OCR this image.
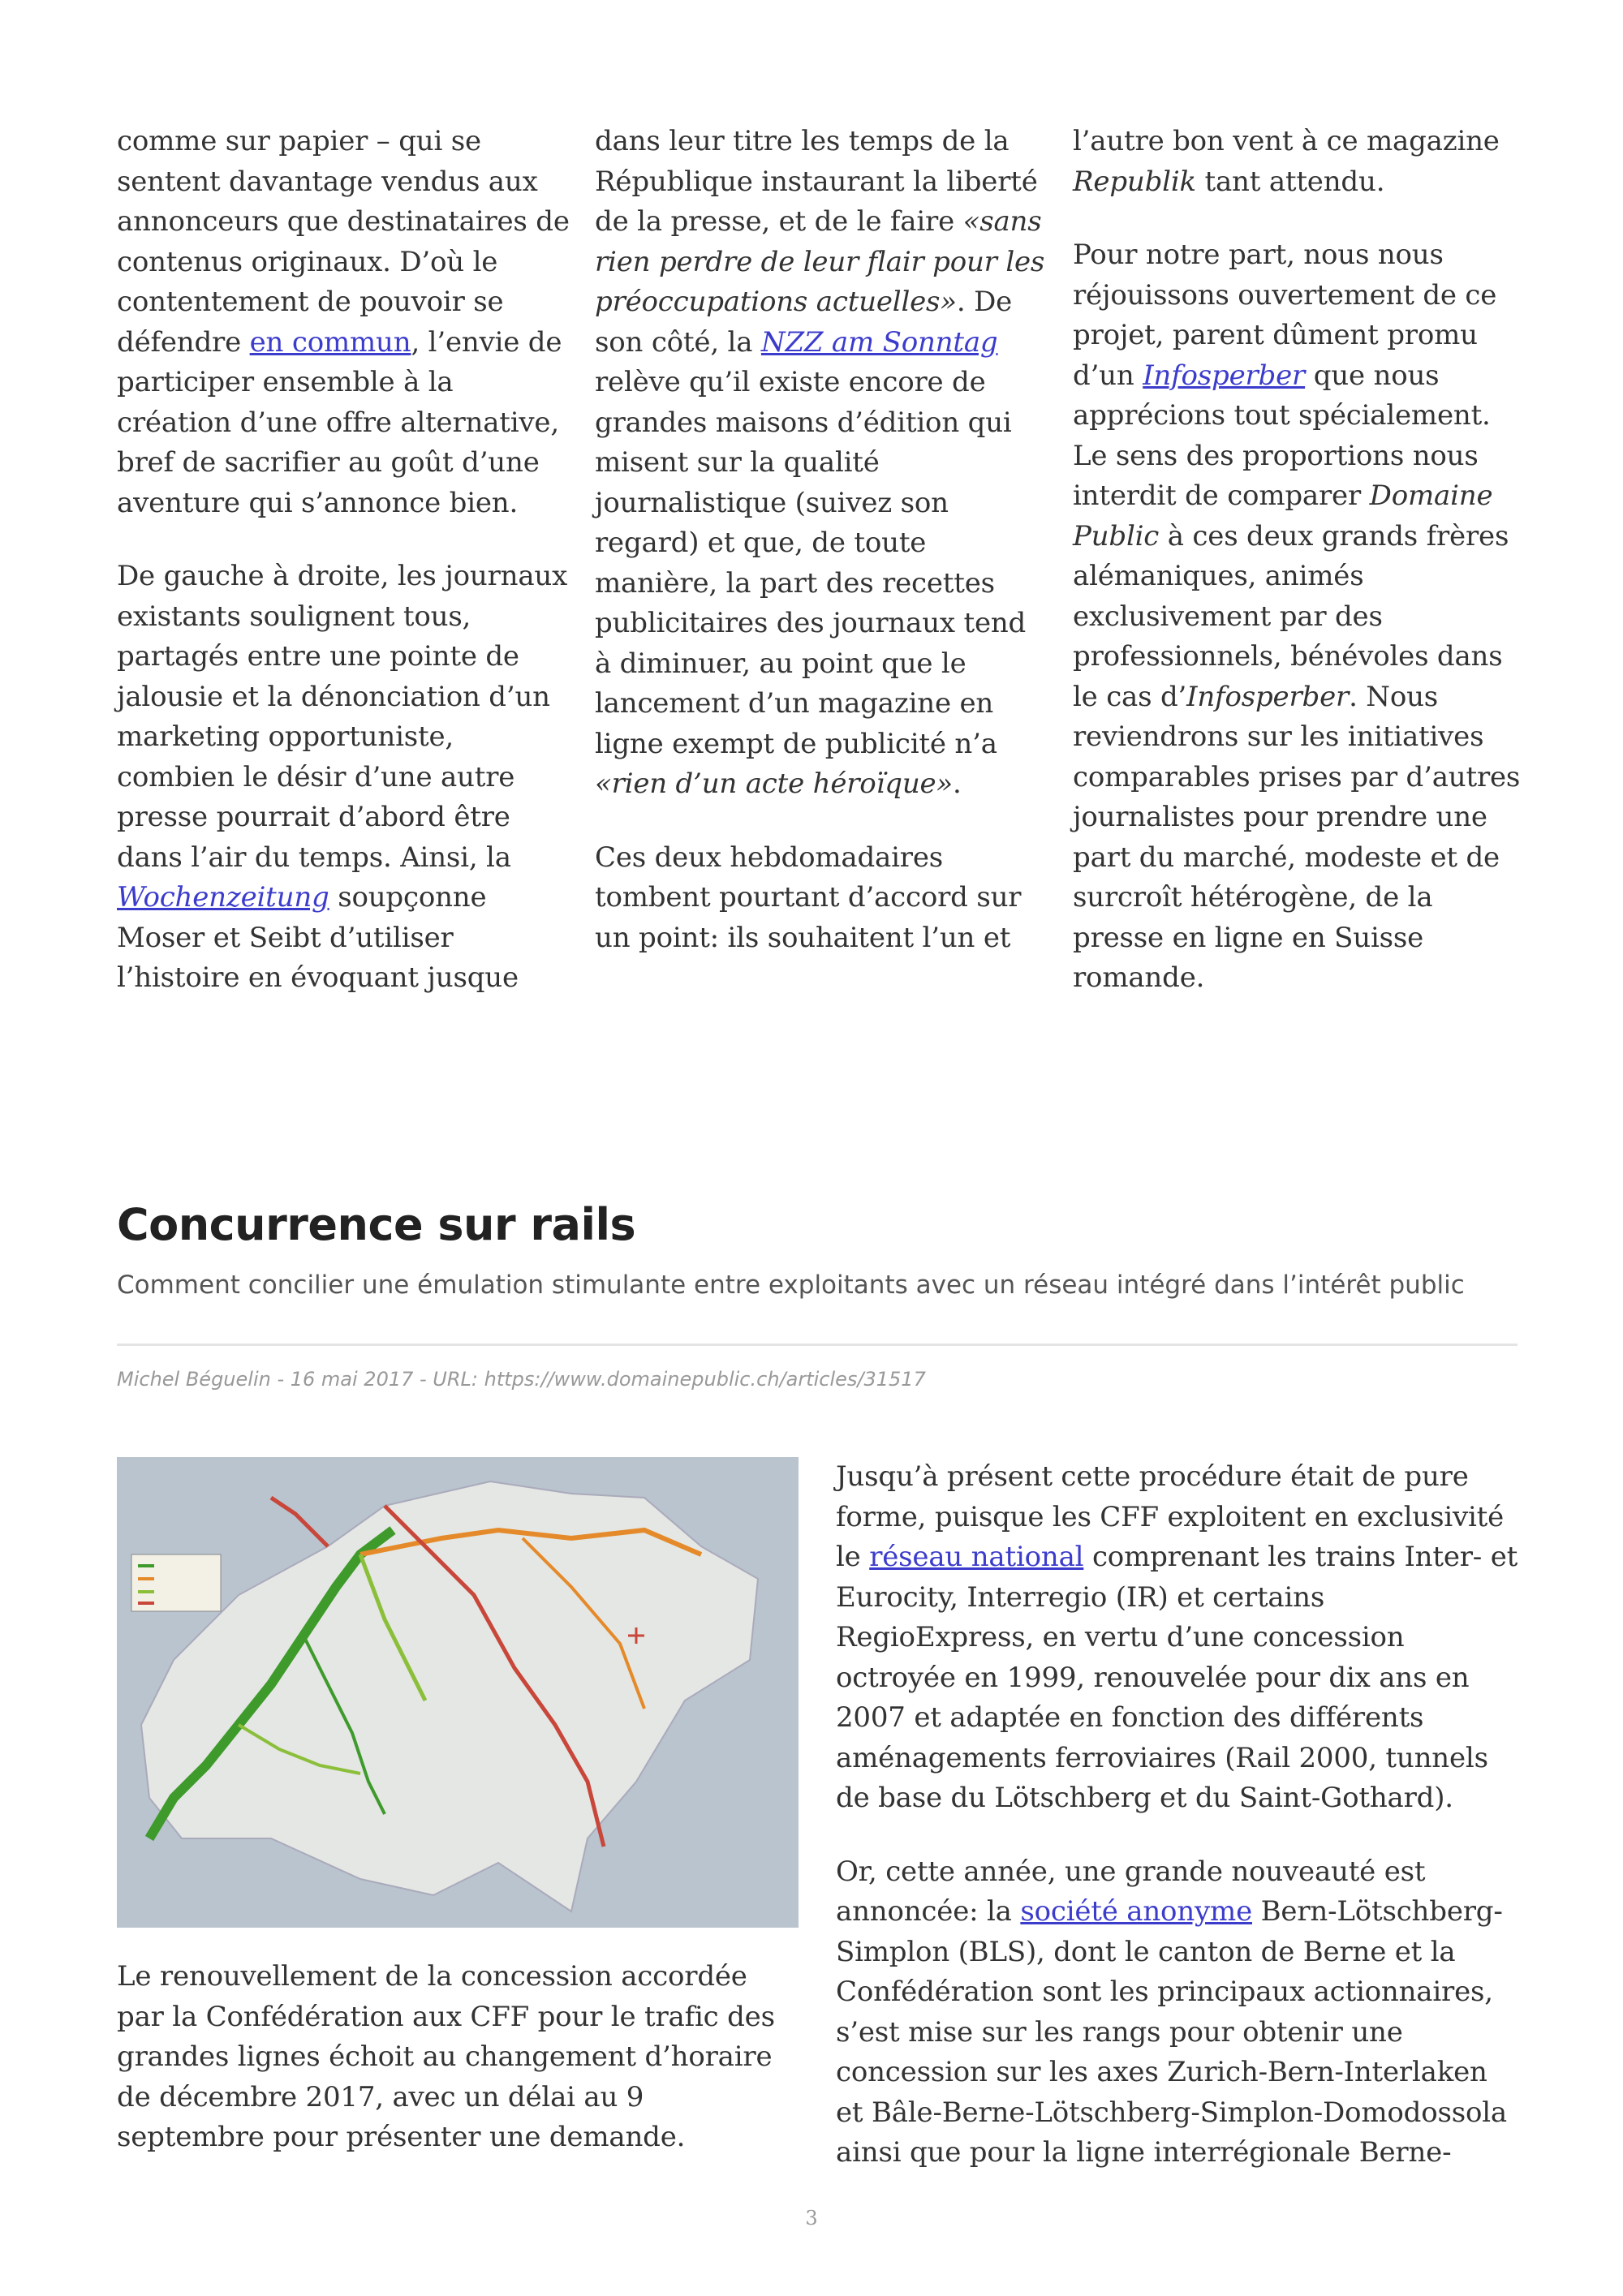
comme sur papier – qui se sentent davantage vendus aux annonceurs que destinataires de contenus originaux. D’où le contentement de pouvoir se défendre en commun, l’envie de participer ensemble à la création d’une offre alternative, bref de sacrifier au goût d’une aventure qui s’annonce bien.

De gauche à droite, les journaux existants soulignent tous, partagés entre une pointe de jalousie et la dénonciation d’un marketing opportuniste, combien le désir d’une autre presse pourrait d’abord être dans l’air du temps. Ainsi, la Wochenzeitung soupçonne Moser et Seibt d’utiliser l’histoire en évoquant jusque

dans leur titre les temps de la République instaurant la liberté de la presse, et de le faire «sans rien perdre de leur flair pour les préoccupations actuelles». De son côté, la NZZ am Sonntag relève qu’il existe encore de grandes maisons d’édition qui misent sur la qualité journalistique (suivez son regard) et que, de toute manière, la part des recettes publicitaires des journaux tend à diminuer, au point que le lancement d’un magazine en ligne exempt de publicité n’a «rien d’un acte héroïque».

Ces deux hebdomadaires tombent pourtant d’accord sur un point: ils souhaitent l’un et

l’autre bon vent à ce magazine Republik tant attendu.

Pour notre part, nous nous réjouissons ouvertement de ce projet, parent dûment promu d’un Infosperber que nous apprécions tout spécialement. Le sens des proportions nous interdit de comparer Domaine Public à ces deux grands frères alémaniques, animés exclusivement par des professionnels, bénévoles dans le cas d’Infosperber. Nous reviendrons sur les initiatives comparables prises par d’autres journalistes pour prendre une part du marché, modeste et de surcroît hétérogène, de la presse en ligne en Suisse romande.

Concurrence sur rails
Comment concilier une émulation stimulante entre exploitants avec un réseau intégré dans l’intérêt public
Michel Béguelin - 16 mai 2017 - URL: https://www.domainepublic.ch/articles/31517

Le renouvellement de la concession accordée par la Confédération aux CFF pour le trafic des grandes lignes échoit au changement d’horaire de décembre 2017, avec un délai au 9 septembre pour présenter une demande.

Jusqu’à présent cette procédure était de pure forme, puisque les CFF exploitent en exclusivité le réseau national comprenant les trains Inter- et Eurocity, Interregio (IR) et certains RegioExpress, en vertu d’une concession octroyée en 1999, renouvelée pour dix ans en 2007 et adaptée en fonction des différents aménagements ferroviaires (Rail 2000, tunnels de base du Lötschberg et du Saint-Gothard).

Or, cette année, une grande nouveauté est annoncée: la société anonyme Bern-Lötschberg-Simplon (BLS), dont le canton de Berne et la Confédération sont les principaux actionnaires, s’est mise sur les rangs pour obtenir une concession sur les axes Zurich-Bern-Interlaken et Bâle-Berne-Lötschberg-Simplon-Domodossola ainsi que pour la ligne interrégionale Berne-

3
